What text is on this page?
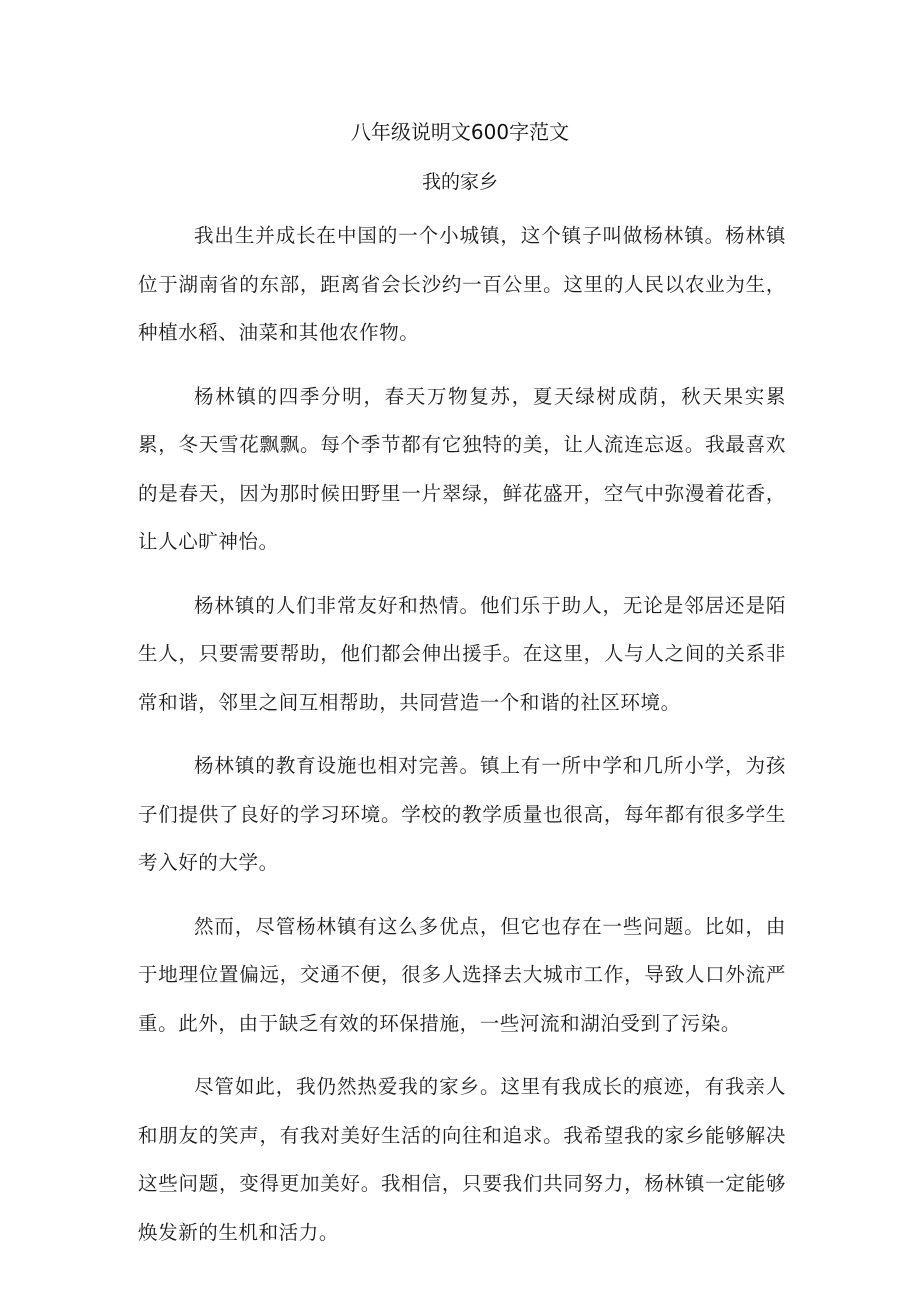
八年级说明文600字范文
我的家乡

我出生并成长在中国的一个小城镇，这个镇子叫做杨林镇。杨林镇位于湖南省的东部，距离省会长沙约一百公里。这里的人民以农业为生，种植水稻、油菜和其他农作物。

杨林镇的四季分明，春天万物复苏，夏天绿树成荫，秋天果实累累，冬天雪花飘飘。每个季节都有它独特的美，让人流连忘返。我最喜欢的是春天，因为那时候田野里一片翠绿，鲜花盛开，空气中弥漫着花香，让人心旷神怡。

杨林镇的人们非常友好和热情。他们乐于助人，无论是邻居还是陌生人，只要需要帮助，他们都会伸出援手。在这里，人与人之间的关系非常和谐，邻里之间互相帮助，共同营造一个和谐的社区环境。

杨林镇的教育设施也相对完善。镇上有一所中学和几所小学，为孩子们提供了良好的学习环境。学校的教学质量也很高，每年都有很多学生考入好的大学。

然而，尽管杨林镇有这么多优点，但它也存在一些问题。比如，由于地理位置偏远，交通不便，很多人选择去大城市工作，导致人口外流严重。此外，由于缺乏有效的环保措施，一些河流和湖泊受到了污染。

尽管如此，我仍然热爱我的家乡。这里有我成长的痕迹，有我亲人和朋友的笑声，有我对美好生活的向往和追求。我希望我的家乡能够解决这些问题，变得更加美好。我相信，只要我们共同努力，杨林镇一定能够焕发新的生机和活力。
